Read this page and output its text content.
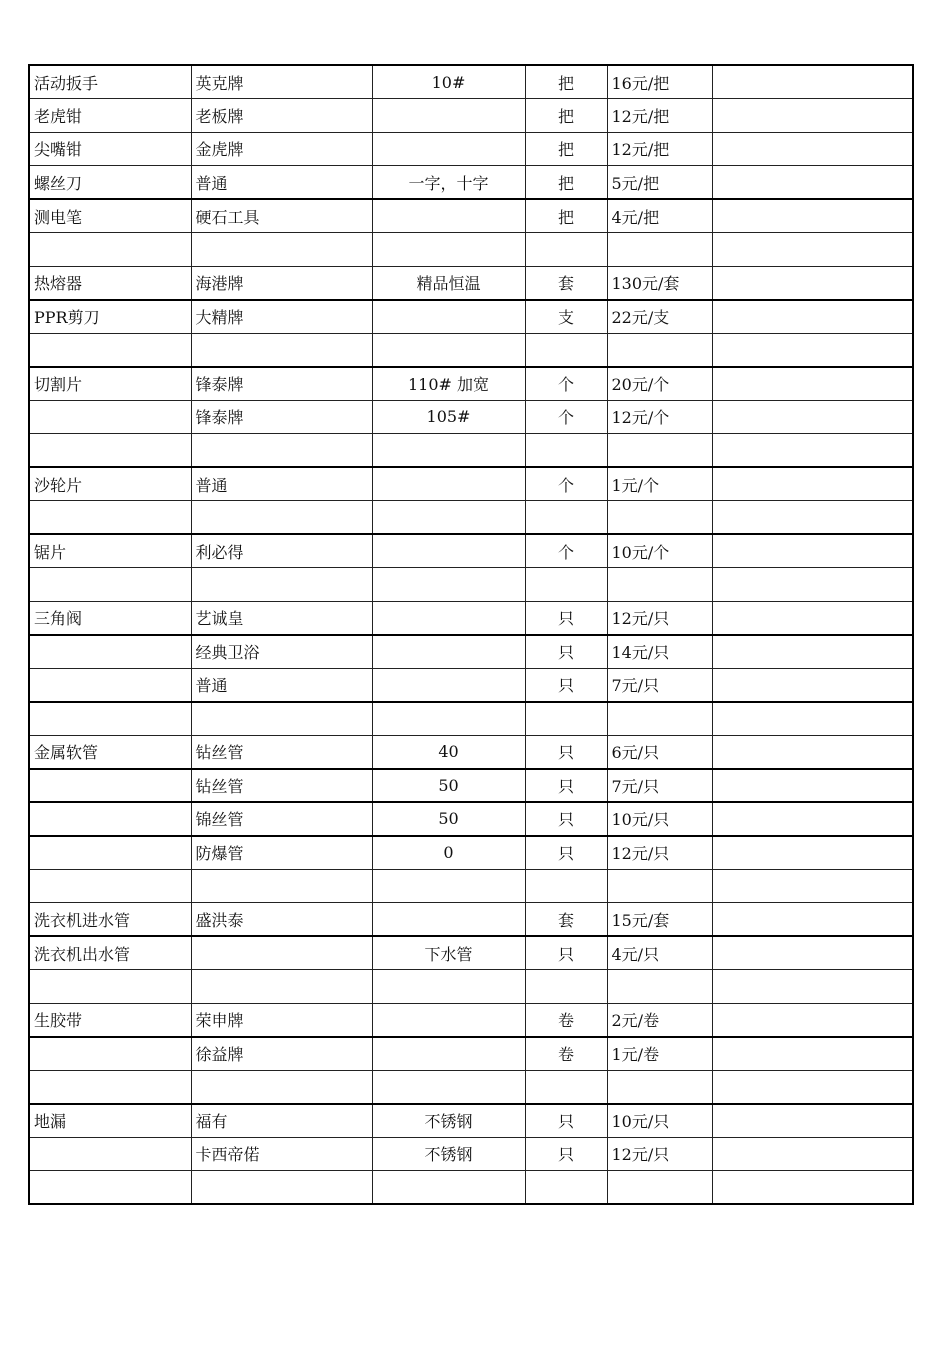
活动扳手	英克牌	10#	把	16元/把	
老虎钳	老板牌		把	12元/把	
尖嘴钳	金虎牌		把	12元/把	
螺丝刀	普通	一字，十字	把	5元/把	
测电笔	硬石工具		把	4元/把	

热熔器	海港牌	精品恒温	套	130元/套	
PPR剪刀	大精牌		支	22元/支	

切割片	锋泰牌	110# 加宽	个	20元/个	
	锋泰牌	105#	个	12元/个	

沙轮片	普通		个	1元/个	

锯片	利必得		个	10元/个	

三角阀	艺诚皇		只	12元/只	
	经典卫浴		只	14元/只	
	普通		只	7元/只	

金属软管	钻丝管	40	只	6元/只	
	钻丝管	50	只	7元/只	
	锦丝管	50	只	10元/只	
	防爆管	0	只	12元/只	

洗衣机进水管	盛洪泰		套	15元/套	
洗衣机出水管		下水管	只	4元/只	

生胶带	荣申牌		卷	2元/卷	
	徐益牌		卷	1元/卷	

地漏	福有	不锈钢	只	10元/只	
	卡西帝偌	不锈钢	只	12元/只	
